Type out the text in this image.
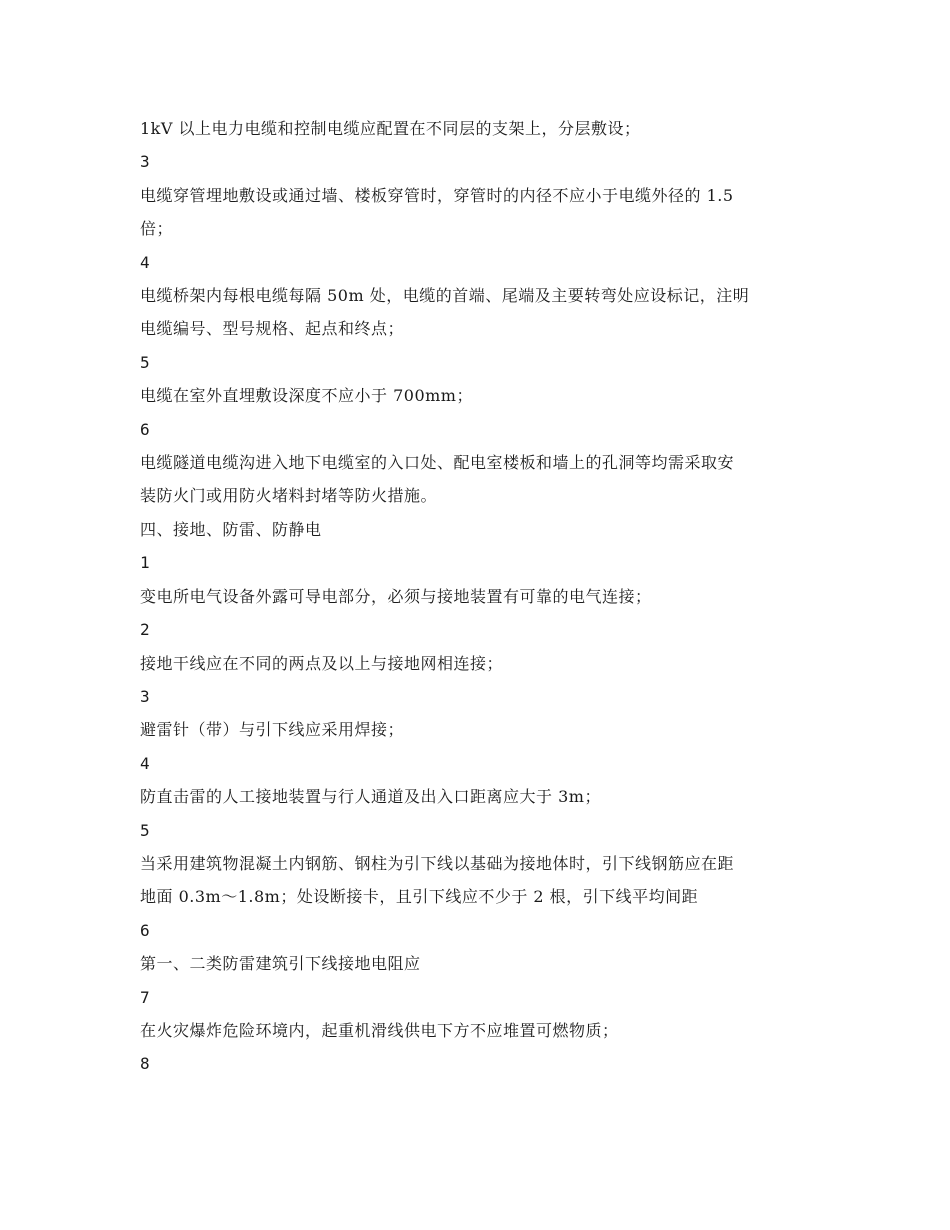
1kV 以上电力电缆和控制电缆应配置在不同层的支架上，分层敷设；
3
电缆穿管埋地敷设或通过墙、楼板穿管时，穿管时的内径不应小于电缆外径的 1.5
倍；
4
电缆桥架内每根电缆每隔 50m 处，电缆的首端、尾端及主要转弯处应设标记，注明
电缆编号、型号规格、起点和终点；
5
电缆在室外直埋敷设深度不应小于 700mm；
6
电缆隧道电缆沟进入地下电缆室的入口处、配电室楼板和墙上的孔洞等均需采取安
装防火门或用防火堵料封堵等防火措施。
四、接地、防雷、防静电
1
变电所电气设备外露可导电部分，必须与接地装置有可靠的电气连接；
2
接地干线应在不同的两点及以上与接地网相连接；
3
避雷针（带）与引下线应采用焊接；
4
防直击雷的人工接地装置与行人通道及出入口距离应大于 3m；
5
当采用建筑物混凝土内钢筋、钢柱为引下线以基础为接地体时，引下线钢筋应在距
地面 0.3m～1.8m；处设断接卡，且引下线应不少于 2 根，引下线平均间距
6
第一、二类防雷建筑引下线接地电阻应
7
在火灾爆炸危险环境内，起重机滑线供电下方不应堆置可燃物质；
8
